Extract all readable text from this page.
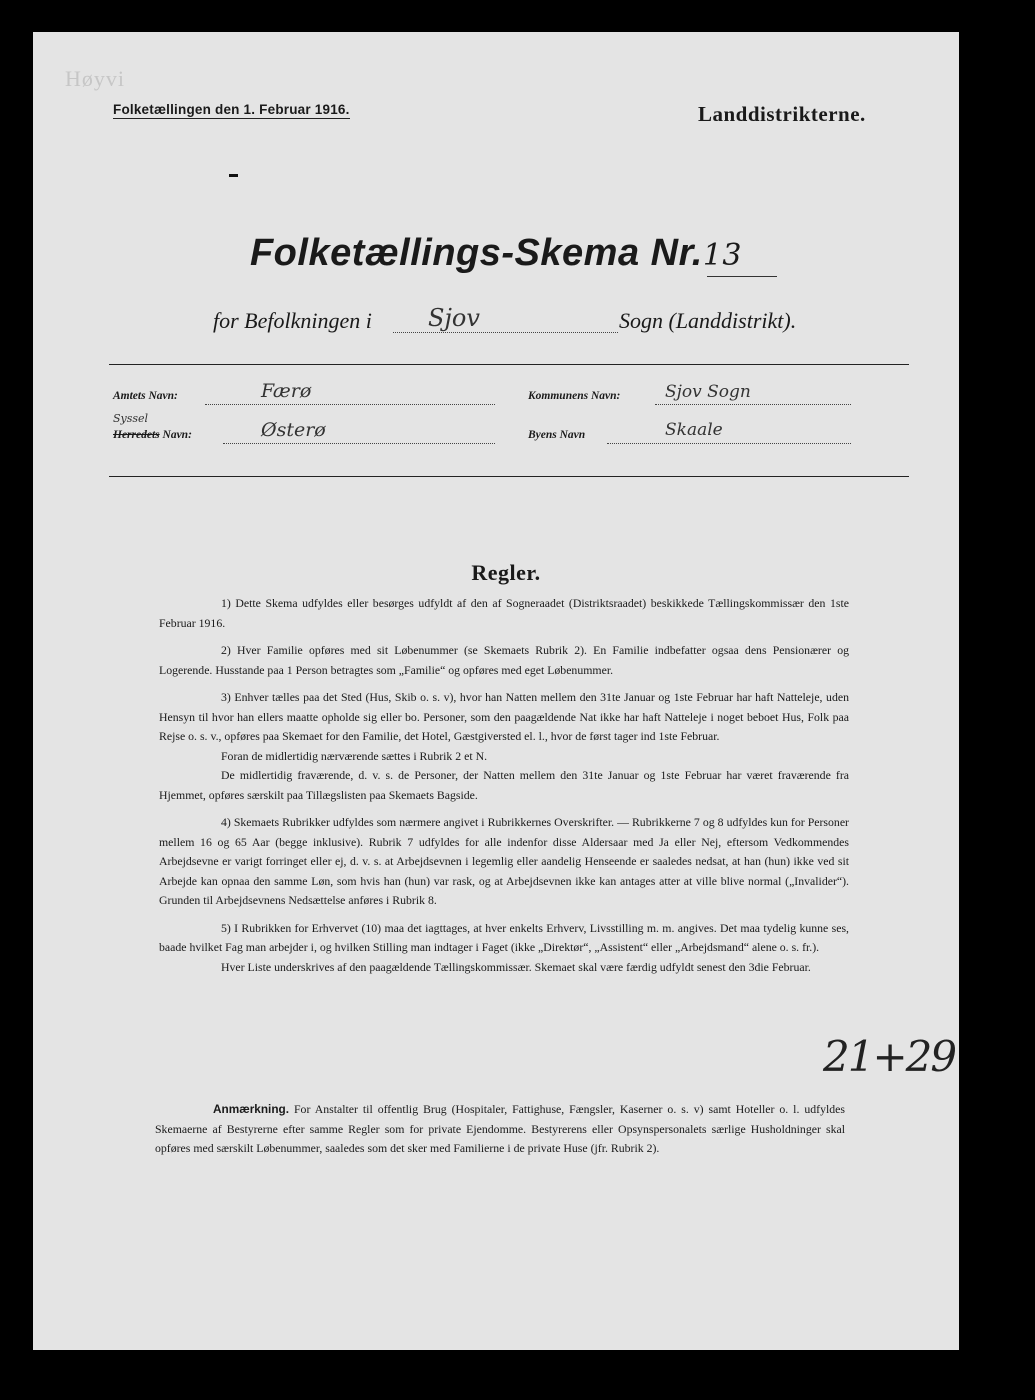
Høyvi
Folketællingen den 1. Februar 1916.	Landdistrikterne.
Folketællings-Skema Nr.13
for Befolkningen i Sjov	Sogn (Landdistrikt).
Amtets Navn:	Færø	Kommunens Navn:	Sjov Sogn
Syssel
Herredets Navn:	Østerø	Byens Navn	Skaale
Regler.

1) Dette Skema udfyldes eller besørges udfyldt af den af Sogneraadet (Distriktsraadet) beskikkede Tællingskommissær den 1ste Februar 1916.

2) Hver Familie opføres med sit Løbenummer (se Skemaets Rubrik 2). En Familie indbefatter ogsaa dens Pensionærer og Logerende. Husstande paa 1 Person betragtes som „Familie“ og opføres med eget Løbenummer.

3) Enhver tælles paa det Sted (Hus, Skib o. s. v), hvor han Natten mellem den 31te Januar og 1ste Februar har haft Natteleje, uden Hensyn til hvor han ellers maatte opholde sig eller bo. Personer, som den paagældende Nat ikke har haft Natteleje i noget beboet Hus, Folk paa Rejse o. s. v., opføres paa Skemaet for den Familie, det Hotel, Gæstgiversted el. l., hvor de først tager ind 1ste Februar.

Foran de midlertidig nærværende sættes i Rubrik 2 et N.

De midlertidig fraværende, d. v. s. de Personer, der Natten mellem den 31te Januar og 1ste Februar har været fraværende fra Hjemmet, opføres særskilt paa Tillægslisten paa Skemaets Bagside.

4) Skemaets Rubrikker udfyldes som nærmere angivet i Rubrikkernes Overskrifter. — Rubrikkerne 7 og 8 udfyldes kun for Personer mellem 16 og 65 Aar (begge inklusive). Rubrik 7 udfyldes for alle indenfor disse Aldersaar med Ja eller Nej, eftersom Vedkommendes Arbejdsevne er varigt forringet eller ej, d. v. s. at Arbejdsevnen i legemlig eller aandelig Henseende er saaledes nedsat, at han (hun) ikke ved sit Arbejde kan opnaa den samme Løn, som hvis han (hun) var rask, og at Arbejdsevnen ikke kan antages atter at ville blive normal („Invalider“). Grunden til Arbejdsevnens Nedsættelse anføres i Rubrik 8.

5) I Rubrikken for Erhvervet (10) maa det iagttages, at hver enkelts Erhverv, Livsstilling m. m. angives. Det maa tydelig kunne ses, baade hvilket Fag man arbejder i, og hvilken Stilling man indtager i Faget (ikke „Direktør“, „Assistent“ eller „Arbejdsmand“ alene o. s. fr.).

Hver Liste underskrives af den paagældende Tællingskommissær. Skemaet skal være færdig udfyldt senest den 3die Februar.

Anmærkning. For Anstalter til offentlig Brug (Hospitaler, Fattighuse, Fængsler, Kaserner o. s. v) samt Hoteller o. l. udfyldes Skemaerne af Bestyrerne efter samme Regler som for private Ejendomme. Bestyrerens eller Opsynspersonalets særlige Husholdninger skal opføres med særskilt Løbenummer, saaledes som det sker med Familierne i de private Huse (jfr. Rubrik 2).

21+29
